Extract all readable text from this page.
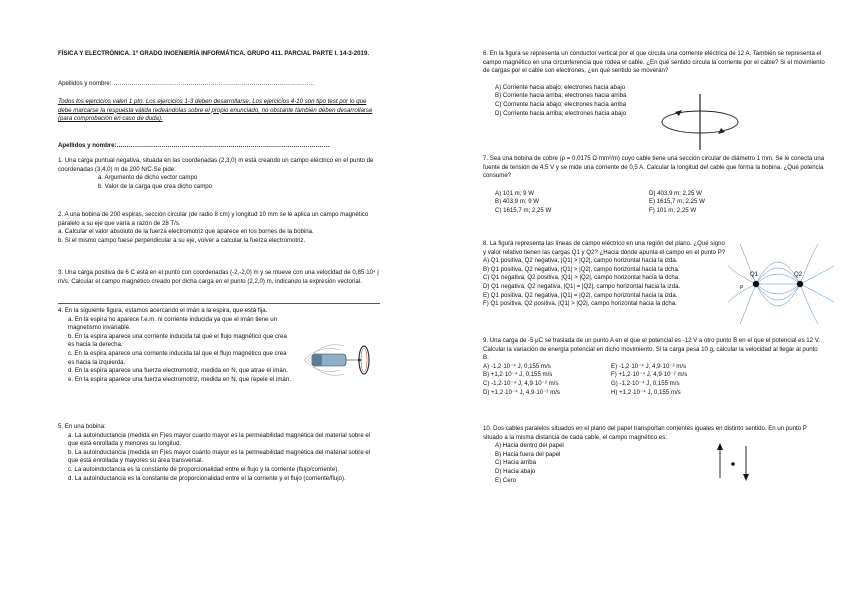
FÍSICA Y ELECTRÓNICA. 1º GRADO INGENIERÍA INFORMÁTICA. GRUPO 411. PARCIAL PARTE I. 14-3-2019.
Apellidos y nombre: ………………………………………………………………………………………
Todos los ejercicios valen 1 pto. Los ejercicios 1-3 deben desarrollarse. Los ejercicios 4-10 son tipo test por lo que debe marcarse la respuesta válida redeándolas sobre el propio enunciado, no obstante también deben desarrollarse (para comprobación en caso de duda).
Apellidos y nombre:……………………………………………………………………………………………

1. Una carga puntual negativa, situada en las coordenadas (2,3,0) m está creando un campo eléctrico en el punto de coordenadas (3,4,0) m de 200 N/C.Se pide:

a. Argumento de dicho vector campo

b. Valor de la carga que crea dicho campo

2. A una bobina de 200 espiras, sección circular (de radio 8 cm) y longitud 10 mm se le aplica un campo magnético paralelo a su eje que varía a razón de 28 T/s.

a. Calcular el valor absoluto de la fuerza electromotriz que aparece en los bornes de la bobina.

b. Si el mismo campo fuese perpendicular a su eje, volver a calcular la fuerza electromotriz.

3. Una carga positiva de 6 C está en el punto con coordenadas (-2,-2,0) m y se mueve con una velocidad de 0,85·10⁴ j m/s. Calcular el campo magnético creado por dicha carga en el punto (2,2,0) m, indicando la expresión vectorial.

4. En la siguiente figura, estamos acercando el imán a la espira, que está fija.

a. En la espira no aparece f.e.m. ni corriente inducida ya que el imán tiene un magnetismo invariable.

b. En la espira aparece una corriente inducida tal que el flujo magnético que crea es hacia la derecha.

c. En la espira aparece una corriente inducida tal que el flujo magnético que crea es hacia la izquierda.

d. En la espira aparece una fuerza electromotriz, medida en N, que atrae el imán.

e. En la espira aparece una fuerza electromotriz, medida en N, que repele el imán.

5. En una bobina:

a. La autoinductancia (medida en F)es mayor cuanto mayor es la permeabilidad magnética del material sobre el que está enrollada y menores su longitud.

b. La autoinductancia (medida en F)es mayor cuanto mayor es la permeabilidad magnética del material sobre el que está enrollada y mayores su área transversal.

c. La autoinductancia es la constante de proporcionalidad entre el flujo y la corriente (flujo/corriente).

d. La autoinductancia es la constante de proporcionalidad entre el la corriente y el flujo (corriente/flujo).

6. En la figura se representa un conductor vertical por el que circula una corriente eléctrica de 12 A. También se representa el campo magnético en una circunferencia que rodea el cable. ¿En qué sentido circula la corriente por el cable? Si el movimiento de cargas por el cable son electrones, ¿en qué sentido se moverán?

A) Corriente hacia abajo; electrones hacia abajo

B) Corriente hacia arriba; electrones hacia arriba

C) Corriente hacia abajo; electrones hacia arriba

D) Corriente hacia arriba; electrones hacia abajo

7. Sea una bobina de cobre (ρ = 0,0175 Ω·mm²/m) cuyo cable tiene una sección circular de diámetro 1 mm. Se le conecta una fuente de tensión de 4,5 V y se mide una corriente de 0,5 A. Calcular la longitud del cable que forma la bobina. ¿Qué potencia consume?

A) 101 m; 9 W	D) 403,9 m; 2,25 W

B) 403,9 m; 9 W	E) 1615,7 m; 2,25 W

C) 1615,7 m; 2,25 W	F) 101 m; 2,25 W

8. La figura representa las líneas de campo eléctrico en una región del plano. ¿Qué signo y valor relativo tienen las cargas Q1 y Q2? ¿Hacia dónde apunta el campo en el punto P?

A) Q1 positiva, Q2 negativa, |Q1| > |Q2|, campo horizontal hacia la izda.

B) Q1 positiva, Q2 negativa, |Q1| > |Q2|, campo horizontal hacia la dcha.

C) Q1 negativa, Q2 positiva, |Q1| > |Q2|, campo horizontal hacia la dcha.

D) Q1 negativa, Q2 negativa, |Q1| = |Q2|, campo horizontal hacia la izda.

E) Q1 positiva, Q2 negativa, |Q1| = |Q2|, campo horizontal hacia la izda.

F) Q1 positiva, Q2 positiva, |Q1| > |Q2|, campo horizontal hacia la dcha.

9. Una carga de -5 µC se traslada de un punto A en el que el potencial es -12 V a otro punto B en el que el potencial es 12 V. Calcular la variación de energía potencial en dicho movimiento. Si la carga pesa 10 g, calcular la velocidad al llegar al punto B.

A) -1,2·10⁻⁴ J, 0,155 m/s	E) -1,2·10⁻⁴ J, 4,9·10⁻² m/s

B) +1,2·10⁻⁴ J, 0,155 m/s	F) +1,2·10⁻⁴ J, 4,9·10⁻² m/s

C) -1,2·10⁻⁴ J, 4,9·10⁻² m/s	G) -1,2·10⁻⁴ J, 0,155 m/s

D) +1,2·10⁻⁴ J, 4,9·10⁻² m/s	H) +1,2·10⁻⁴ J, 0,155 m/s

10. Dos cables paralelos situados en el plano del papel transportan corrientes iguales en distinto sentido. En un punto P situado a la misma distancia de cada cable, el campo magnético es:

A) Hacia dentro del papel

B) Hacia fuera del papel

C) Hacia arriba

D) Hacia abajo

E) Cero

Q1	Q2
P
